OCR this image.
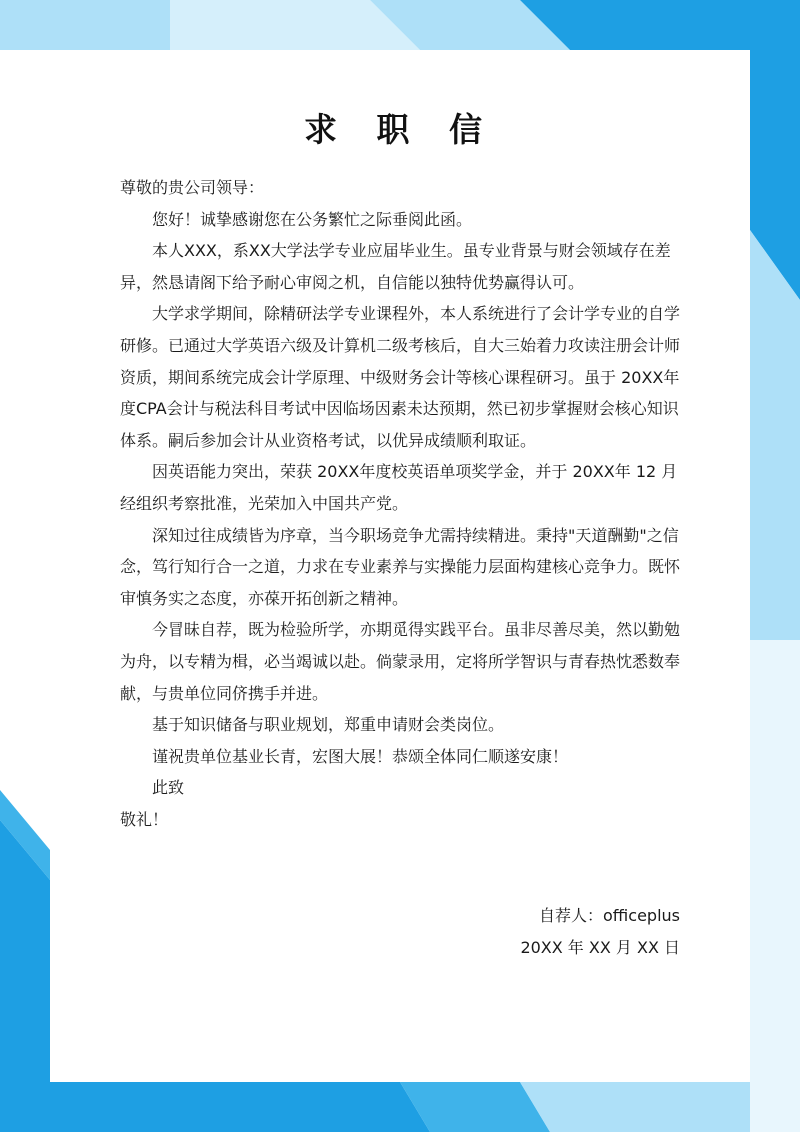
求 职 信

尊敬的贵公司领导：

您好！诚挚感谢您在公务繁忙之际垂阅此函。

本人XXX，系XX大学法学专业应届毕业生。虽专业背景与财会领域存在差异，然恳请阁下给予耐心审阅之机，自信能以独特优势赢得认可。

大学求学期间，除精研法学专业课程外，本人系统进行了会计学专业的自学研修。已通过大学英语六级及计算机二级考核后，自大三始着力攻读注册会计师资质，期间系统完成会计学原理、中级财务会计等核心课程研习。虽于 20XX年度CPA会计与税法科目考试中因临场因素未达预期，然已初步掌握财会核心知识体系。嗣后参加会计从业资格考试，以优异成绩顺利取证。

因英语能力突出，荣获 20XX年度校英语单项奖学金，并于 20XX年 12 月经组织考察批准，光荣加入中国共产党。

深知过往成绩皆为序章，当今职场竞争尤需持续精进。秉持"天道酬勤"之信念，笃行知行合一之道，力求在专业素养与实操能力层面构建核心竞争力。既怀审慎务实之态度，亦葆开拓创新之精神。

今冒昧自荐，既为检验所学，亦期觅得实践平台。虽非尽善尽美，然以勤勉为舟，以专精为楫，必当竭诚以赴。倘蒙录用，定将所学智识与青春热忱悉数奉献，与贵单位同侪携手并进。

基于知识储备与职业规划，郑重申请财会类岗位。

谨祝贵单位基业长青，宏图大展！恭颂全体同仁顺遂安康！

此致

敬礼！

自荐人：officeplus

20XX 年 XX 月 XX 日
